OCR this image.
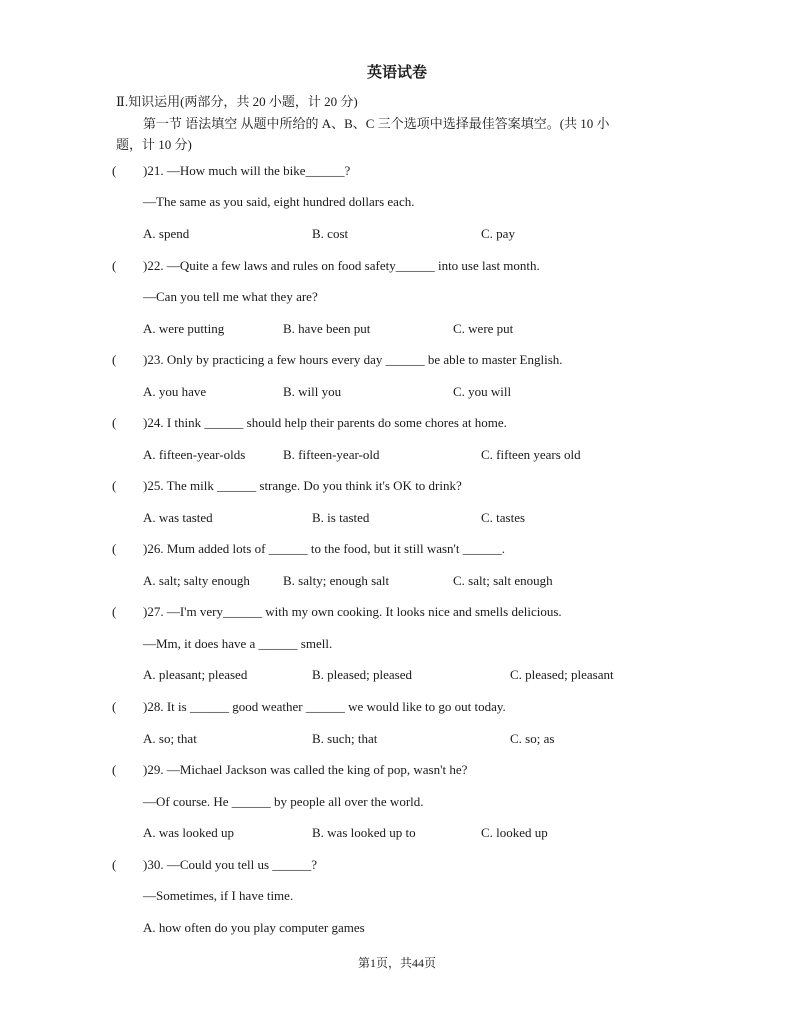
英语试卷
Ⅱ.知识运用(两部分，共 20 小题，计 20 分)
第一节 语法填空 从题中所给的 A、B、C 三个选项中选择最佳答案填空。(共 10 小
题，计 10 分)
( )21. —How much will the bike______?
—The same as you said, eight hundred dollars each.
A. spend	B. cost	C. pay
( )22. —Quite a few laws and rules on food safety______ into use last month.
—Can you tell me what they are?
A. were putting	B. have been put	C. were put
( )23. Only by practicing a few hours every day ______ be able to master English.
A. you have	B. will you	C. you will
( )24. I think ______ should help their parents do some chores at home.
A. fifteen-year-olds	B. fifteen-year-old	C. fifteen years old
( )25. The milk ______ strange. Do you think it's OK to drink?
A. was tasted	B. is tasted	C. tastes
( )26. Mum added lots of ______ to the food, but it still wasn't ______.
A. salt; salty enough	B. salty; enough salt	C. salt; salt enough
( )27. —I'm very______ with my own cooking. It looks nice and smells delicious.
—Mm, it does have a ______ smell.
A. pleasant; pleased	B. pleased; pleased	C. pleased; pleasant
( )28. It is ______ good weather ______ we would like to go out today.
A. so; that	B. such; that	C. so; as
( )29. —Michael Jackson was called the king of pop, wasn't he?
—Of course. He ______ by people all over the world.
A. was looked up	B. was looked up to	C. looked up
( )30. —Could you tell us ______?
—Sometimes, if I have time.
A. how often do you play computer games
第1页，共44页
